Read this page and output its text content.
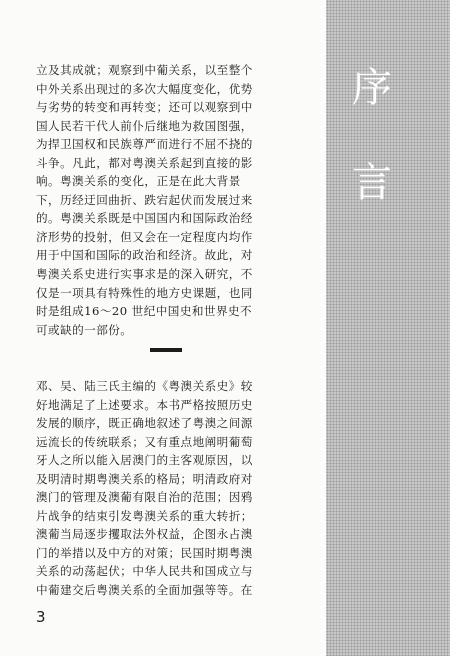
序
言
立及其成就；观察到中葡关系，以至整个
中外关系出现过的多次大幅度变化，优势
与劣势的转变和再转变；还可以观察到中
国人民若干代人前仆后继地为救国图强，
为捍卫国权和民族尊严而进行不屈不挠的
斗争。凡此，都对粤澳关系起到直接的影
响。粤澳关系的变化，正是在此大背景
下，历经迂回曲折、跌宕起伏而发展过来
的。粤澳关系既是中国国内和国际政治经
济形势的投射，但又会在一定程度内均作
用于中国和国际的政治和经济。故此，对
粤澳关系史进行实事求是的深入研究，不
仅是一项具有特殊性的地方史课题，也同
时是组成16～20 世纪中国史和世界史不
可或缺的一部份。
邓、吴、陆三氏主编的《粤澳关系史》较
好地满足了上述要求。本书严格按照历史
发展的顺序，既正确地叙述了粤澳之间源
远流长的传统联系；又有重点地阐明葡萄
牙人之所以能入居澳门的主客观原因，以
及明清时期粤澳关系的格局；明清政府对
澳门的管理及澳葡有限自治的范围；因鸦
片战争的结束引发粤澳关系的重大转折；
澳葡当局逐步攫取法外权益，企图永占澳
门的举措以及中方的对策；民国时期粤澳
关系的动荡起伏；中华人民共和国成立与
中葡建交后粤澳关系的全面加强等等。在
3
